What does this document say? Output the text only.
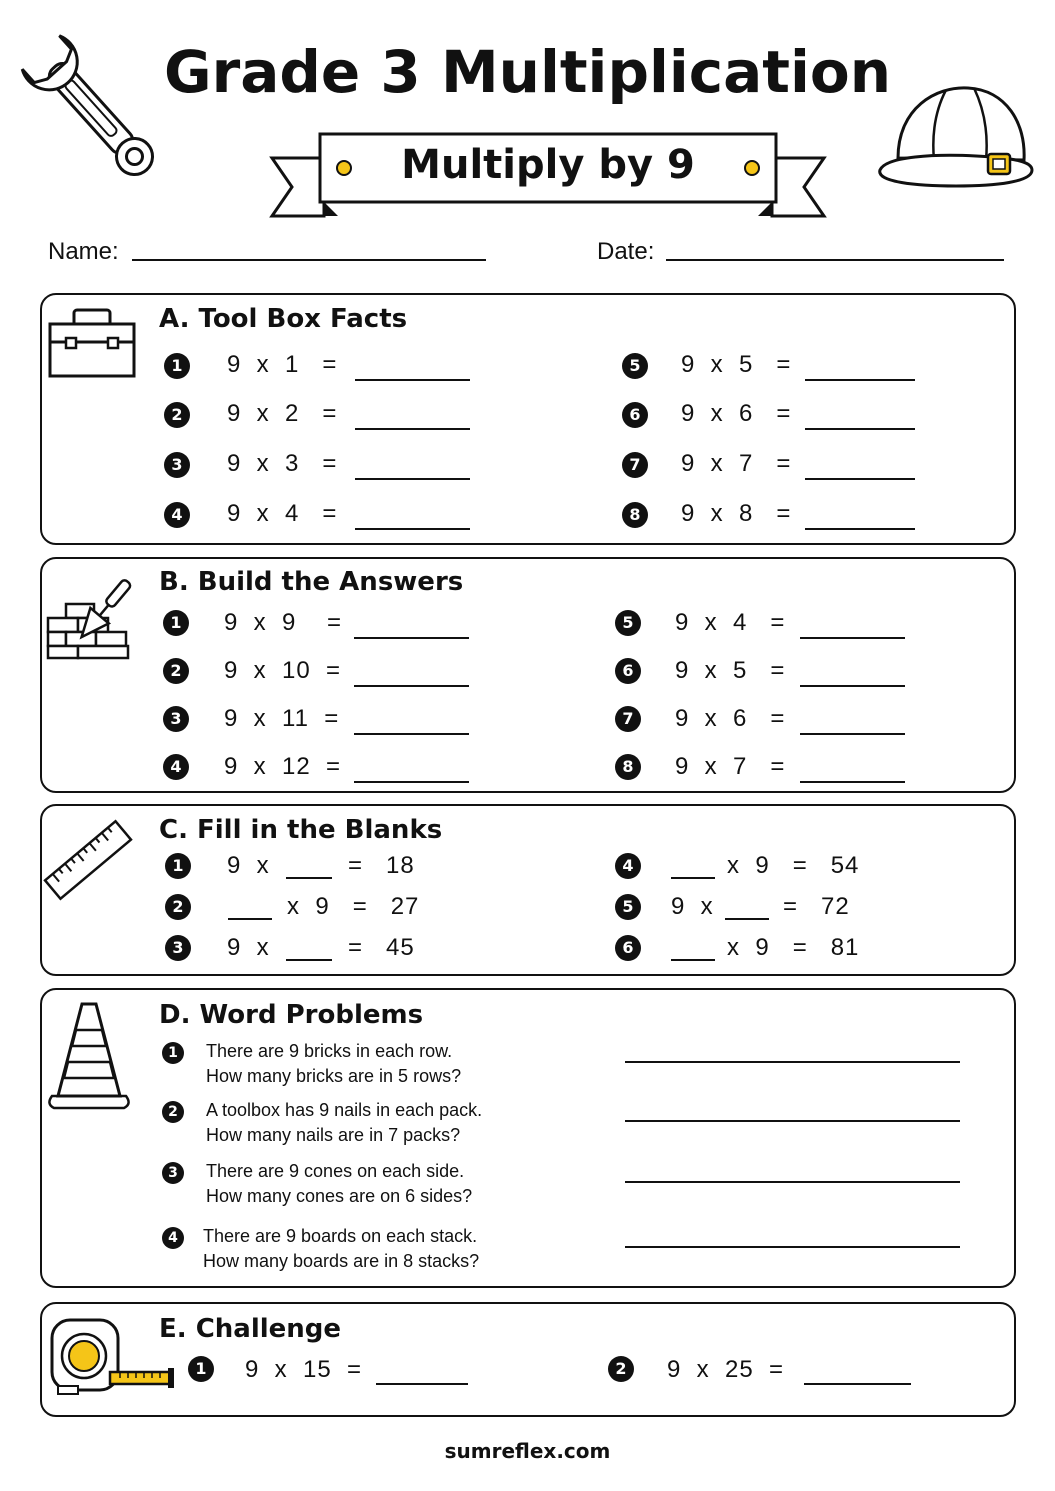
Grade 3 Multiplication
Multiply by 9
Name:	Date:
A. Tool Box Facts
B. Build the Answers
C. Fill in the Blanks
D. Word Problems
E. Challenge
sumreflex.com
1	9  x  1   =
2	9  x  2   =
3	9  x  3   =
4	9  x  4   =
5	9  x  5   =
6	9  x  6   =
7	9  x  7   =
8	9  x  8   =
1	9  x  9    =
2	9  x  10  =
3	9  x  11  =
4	9  x  12  =
5	9  x  4   =
6	9  x  5   =
7	9  x  6   =
8	9  x  7   =
1	9  x	=   18
2	x  9   =   27
3	9  x	=   45
4	x  9   =   54
5	9  x	=   72
6	x  9   =   81
1	There are 9 bricks in each row.
How many bricks are in 5 rows?
2	A toolbox has 9 nails in each pack.
How many nails are in 7 packs?
3	There are 9 cones on each side.
How many cones are on 6 sides?
4	There are 9 boards on each stack.
How many boards are in 8 stacks?
1	9  x  15  =	2	9  x  25  =
